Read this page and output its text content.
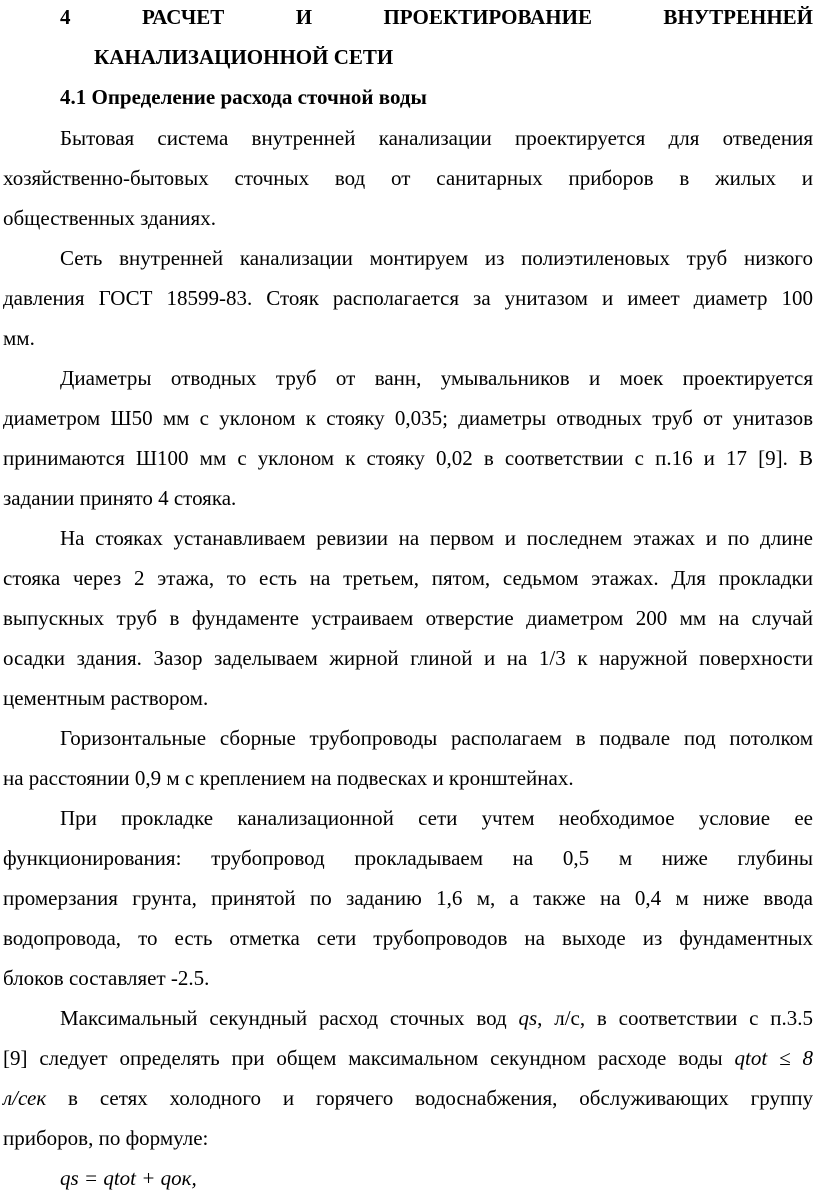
4	РАСЧЕТ И ПРОЕКТИРОВАНИЕ ВНУТРЕННЕЙ
КАНАЛИЗАЦИОННОЙ СЕТИ
4.1 Определение расхода сточной воды
Бытовая система внутренней канализации проектируется для отведения
хозяйственно-бытовых сточных вод от санитарных приборов в жилых и
общественных зданиях.
Сеть внутренней канализации монтируем из полиэтиленовых труб низкого
давления ГОСТ 18599-83. Стояк располагается за унитазом и имеет диаметр 100
мм.
Диаметры отводных труб от ванн, умывальников и моек проектируется
диаметром Ш50 мм с уклоном к стояку 0,035; диаметры отводных труб от унитазов
принимаются Ш100 мм с уклоном к стояку 0,02 в соответствии с п.16 и 17 [9]. В
задании принято 4 стояка.
На стояках устанавливаем ревизии на первом и последнем этажах и по длине
стояка через 2 этажа, то есть на третьем, пятом, седьмом этажах. Для прокладки
выпускных труб в фундаменте устраиваем отверстие диаметром 200 мм на случай
осадки здания. Зазор заделываем жирной глиной и на 1/3 к наружной поверхности
цементным раствором.
Горизонтальные сборные трубопроводы располагаем в подвале под потолком
на расстоянии 0,9 м с креплением на подвесках и кронштейнах.
При прокладке канализационной сети учтем необходимое условие ее
функционирования: трубопровод прокладываем на 0,5 м ниже глубины
промерзания грунта, принятой по заданию 1,6 м, а также на 0,4 м ниже ввода
водопровода, то есть отметка сети трубопроводов на выходе из фундаментных
блоков составляет -2.5.
Максимальный секундный расход сточных вод qs, л/с, в соответствии с п.3.5
[9] следует определять при общем максимальном секундном расходе воды qtot ≤ 8
л/сек в сетях холодного и горячего водоснабжения, обслуживающих группу
приборов, по формуле:
qs = qtot + qок,
